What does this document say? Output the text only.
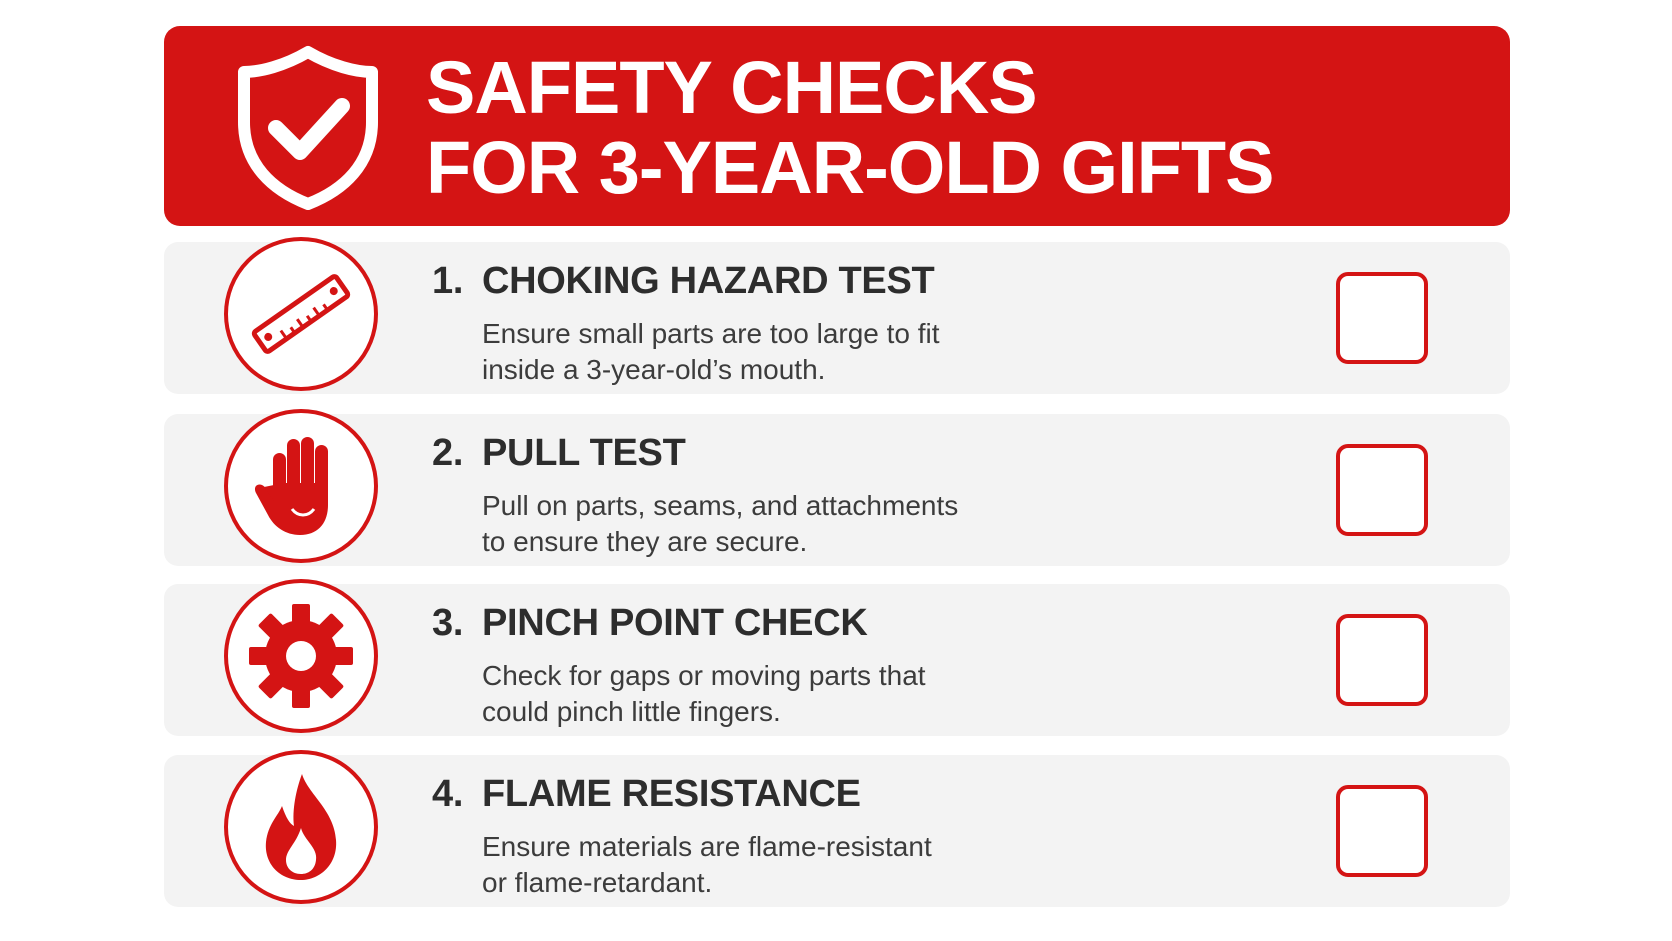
SAFETY CHECKS
FOR 3-YEAR-OLD GIFTS
1. CHOKING HAZARD TEST
Ensure small parts are too large to fit
inside a 3-year-old’s mouth.
2. PULL TEST
Pull on parts, seams, and attachments
to ensure they are secure.
3. PINCH POINT CHECK
Check for gaps or moving parts that
could pinch little fingers.
4. FLAME RESISTANCE
Ensure materials are flame-resistant
or flame-retardant.
